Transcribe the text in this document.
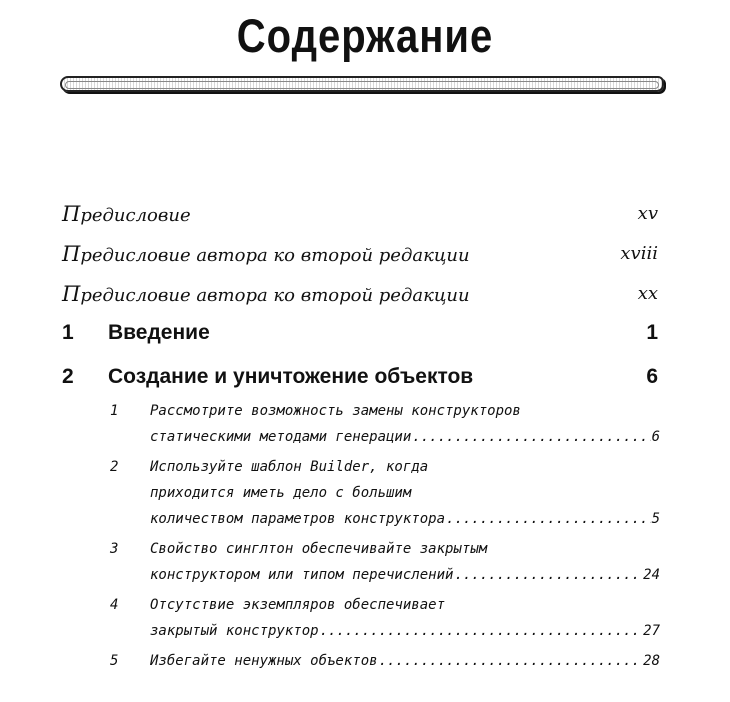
Содержание
Предисловие	xv
Предисловие автора ко второй редакции	xviii
Предисловие автора ко второй редакции	xx
1 Введение	1
2 Создание и уничтожение объектов	6
1	Рассмотрите возможность замены конструкторов
статическими методами генерации .....	6
2	Используйте шаблон Builder, когда
приходится иметь дело с большим
количеством параметров конструктора .....	5
3	Свойство синглтон обеспечивайте закрытым
конструктором или типом перечислений .....	24
4	Отсутствие экземпляров обеспечивает
закрытый конструктор .....	27
5	Избегайте ненужных объектов .....	28
